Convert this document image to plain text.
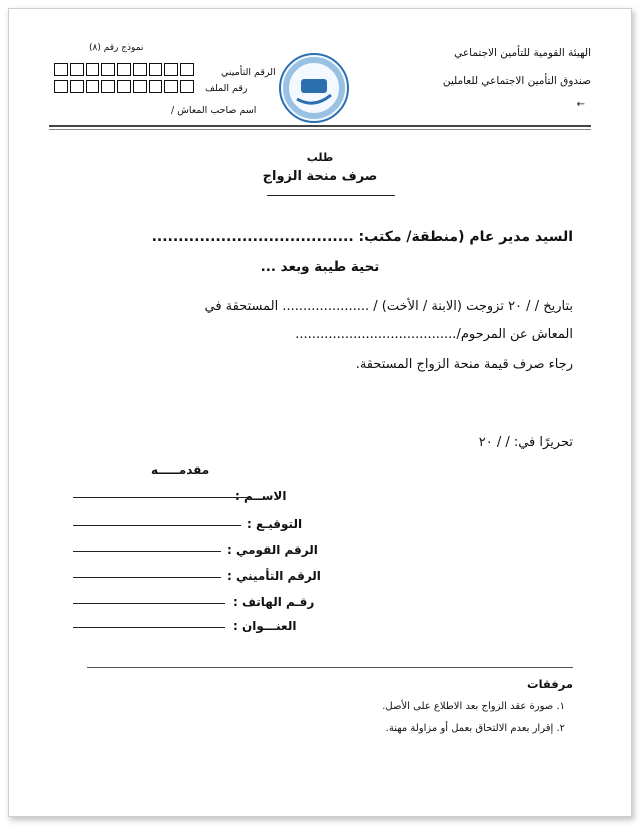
الهيئة القومية للتأمين الاجتماعي
صندوق التأمين الاجتماعي للعاملين
←
نموذج رقم (٨)
الرقم التأميني
رقم الملف
اسم صاحب المعاش /
طلب
صرف منحة الزواج
السيد مدير عام (منطقة/ مكتب: ......................................
تحية طيبة وبعد ...
بتاريخ / / ٢٠ تزوجت (الابنة / الأخت) / ..................... المستحقة في
المعاش عن المرحوم/.......................................
رجاء صرف قيمة منحة الزواج المستحقة.
تحريرًا في: / / ٢٠
مقدمـــــه
الاســم :
التوقيـع :
الرقم القومي :
الرقم التأميني :
رقـم الهاتف :
العنـــوان :
مرفقات
١. صورة عقد الزواج بعد الاطلاع على الأصل.
٢. إقرار بعدم الالتحاق بعمل أو مزاولة مهنة.
